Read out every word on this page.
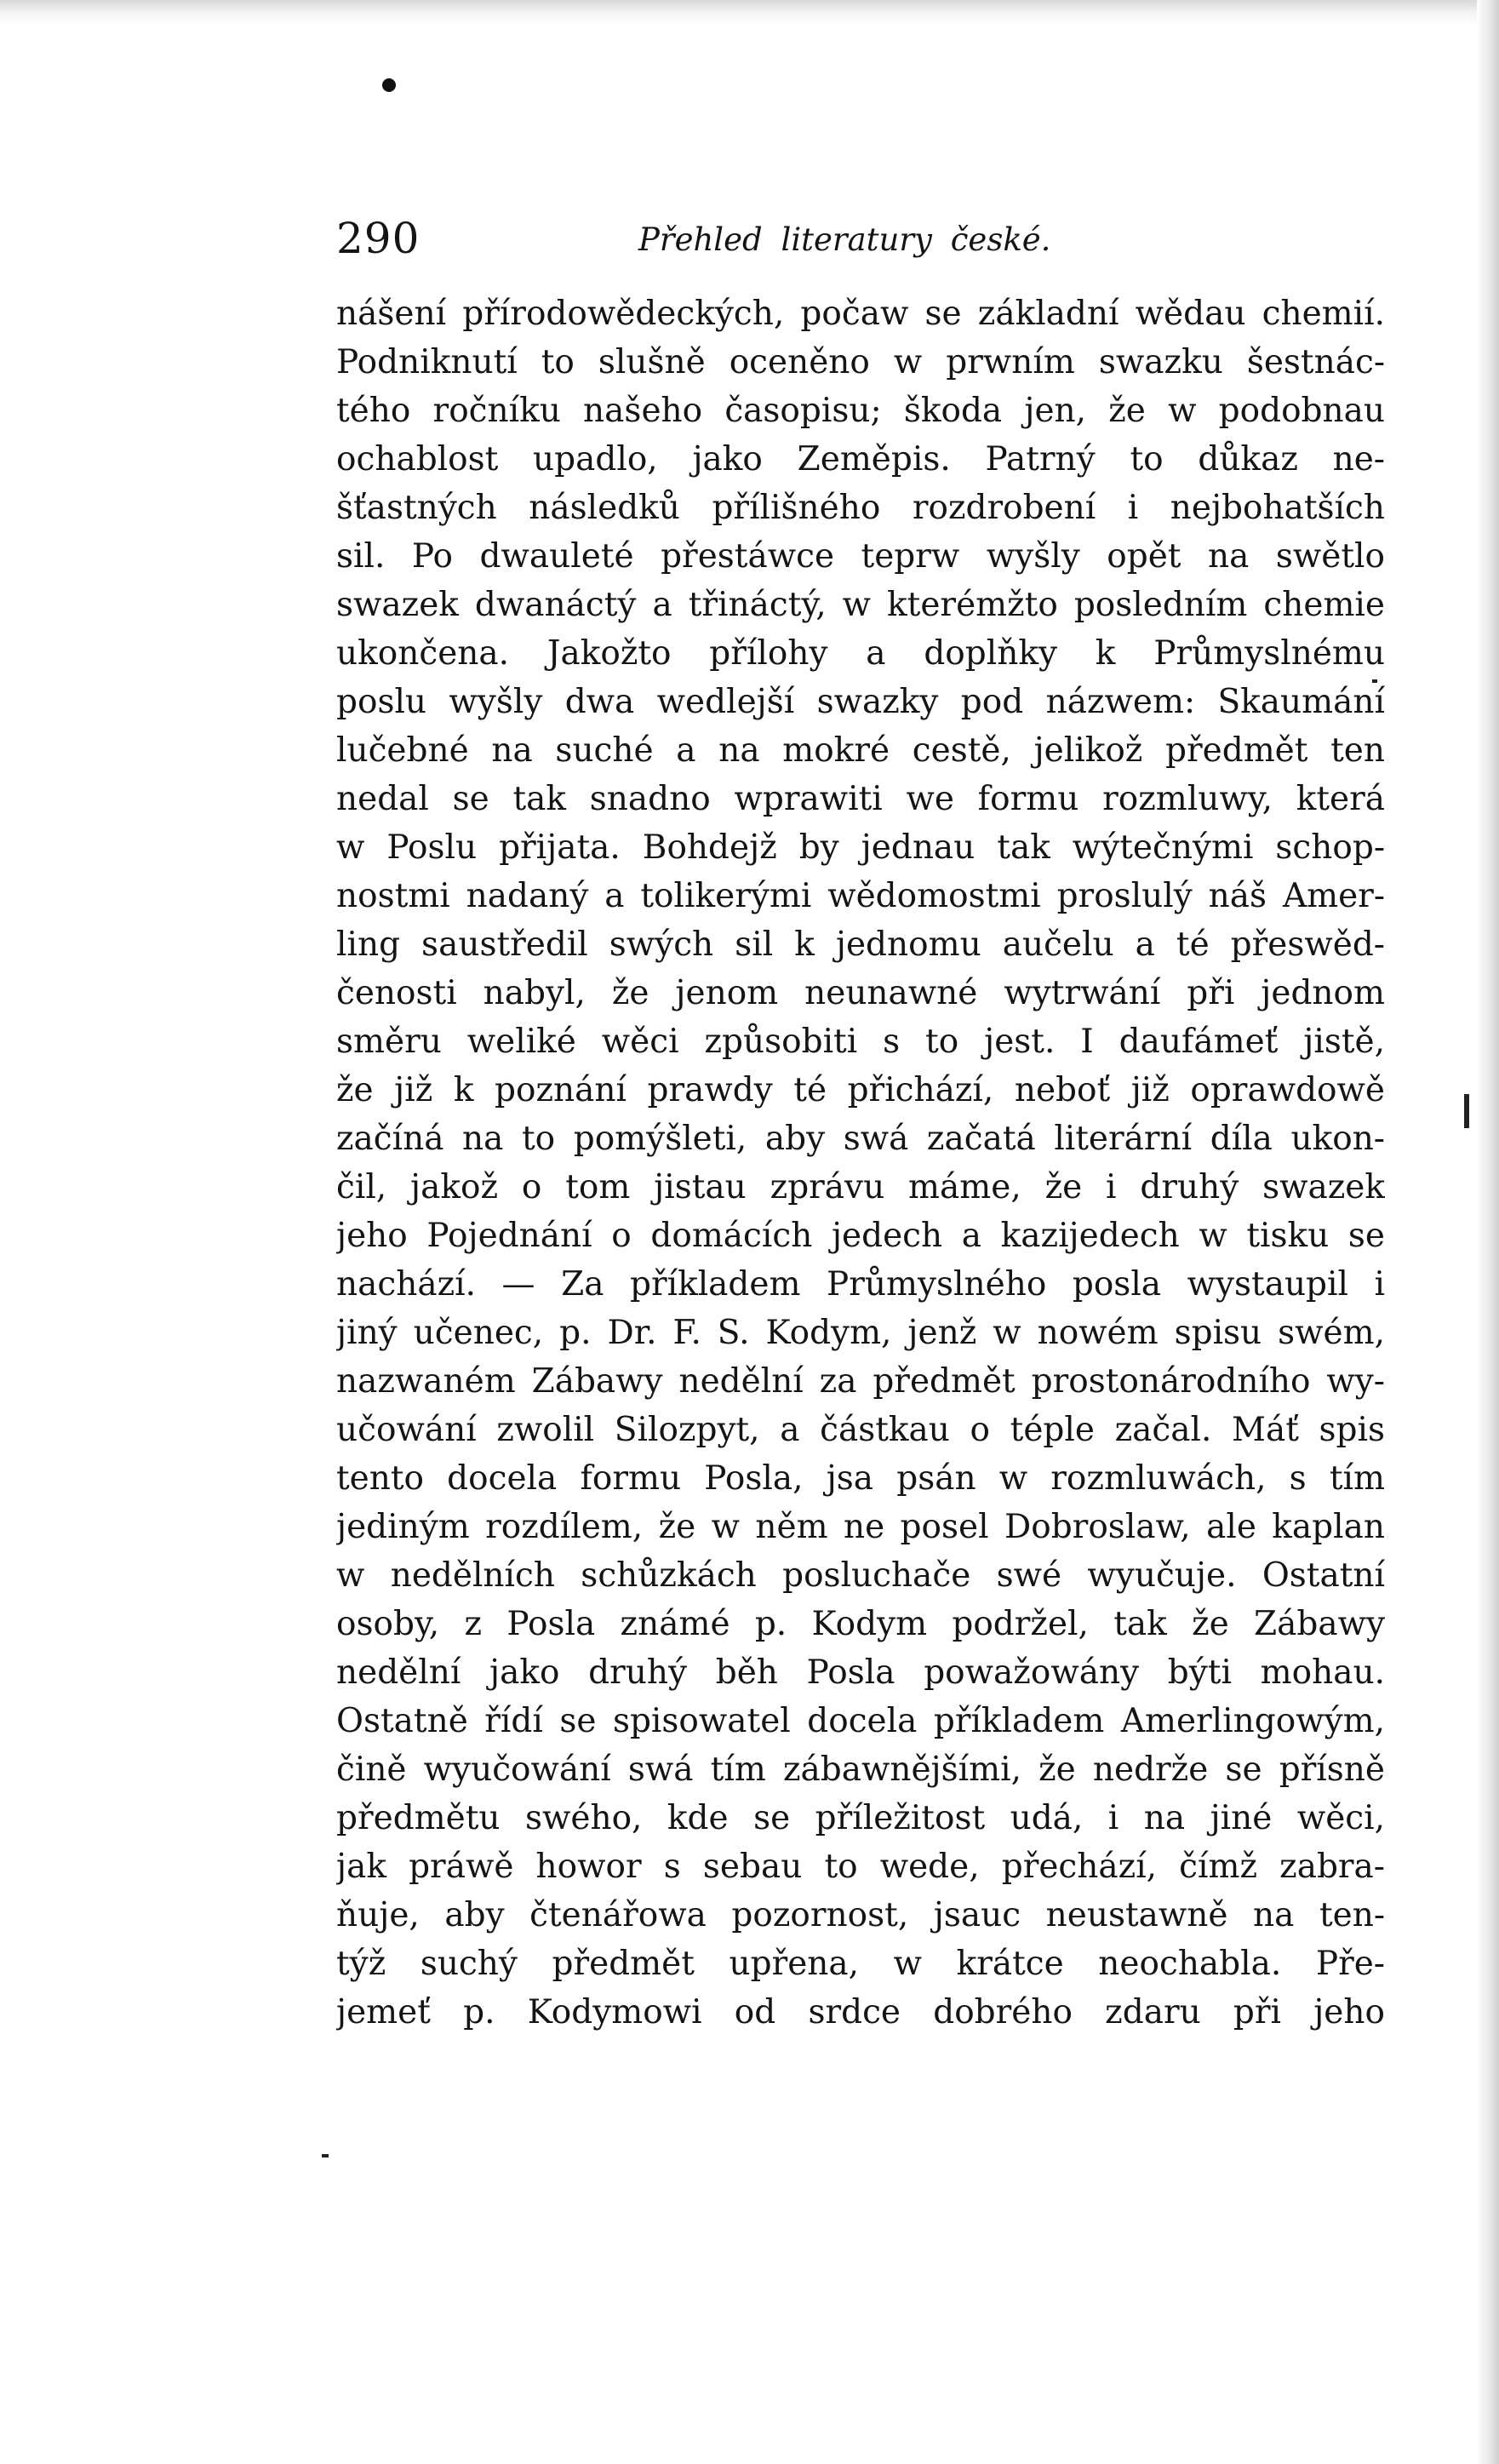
290	Přehled literatury české.
nášení přírodowědeckých, počaw se základní wědau chemií.
Podniknutí to slušně oceněno w prwním swazku šestnác-
tého ročníku našeho časopisu; škoda jen, že w podobnau
ochablost upadlo, jako Zeměpis. Patrný to důkaz ne-
šťastných následků přílišného rozdrobení i nejbohatších
sil. Po dwauleté přestáwce teprw wyšly opět na swětlo
swazek dwanáctý a třináctý, w kterémžto posledním chemie
ukončena. Jakožto přílohy a doplňky k Průmyslnému
poslu wyšly dwa wedlejší swazky pod názwem: Skaumání
lučebné na suché a na mokré cestě, jelikož předmět ten
nedal se tak snadno wprawiti we formu rozmluwy, která
w Poslu přijata. Bohdejž by jednau tak wýtečnými schop-
nostmi nadaný a tolikerými wědomostmi proslulý náš Amer-
ling saustředil swých sil k jednomu aučelu a té přeswěd-
čenosti nabyl, že jenom neunawné wytrwání při jednom
směru weliké wěci způsobiti s to jest. I daufámeť jistě,
že již k poznání prawdy té přichází, neboť již oprawdowě
začíná na to pomýšleti, aby swá začatá literární díla ukon-
čil, jakož o tom jistau zprávu máme, že i druhý swazek
jeho Pojednání o domácích jedech a kazijedech w tisku se
nachází. — Za příkladem Průmyslného posla wystaupil i
jiný učenec, p. Dr. F. S. Kodym, jenž w nowém spisu swém,
nazwaném Zábawy nedělní za předmět prostonárodního wy-
učowání zwolil Silozpyt, a částkau o téple začal. Máť spis
tento docela formu Posla, jsa psán w rozmluwách, s tím
jediným rozdílem, že w něm ne posel Dobroslaw, ale kaplan
w nedělních schůzkách posluchače swé wyučuje. Ostatní
osoby, z Posla známé p. Kodym podržel, tak že Zábawy
nedělní jako druhý běh Posla powažowány býti mohau.
Ostatně řídí se spisowatel docela příkladem Amerlingowým,
čině wyučowání swá tím zábawnějšími, že nedrže se přísně
předmětu swého, kde se příležitost udá, i na jiné wěci,
jak práwě howor s sebau to wede, přechází, čímž zabra-
ňuje, aby čtenářowa pozornost, jsauc neustawně na ten-
týž suchý předmět upřena, w krátce neochabla. Pře-
jemeť p. Kodymowi od srdce dobrého zdaru při jeho
